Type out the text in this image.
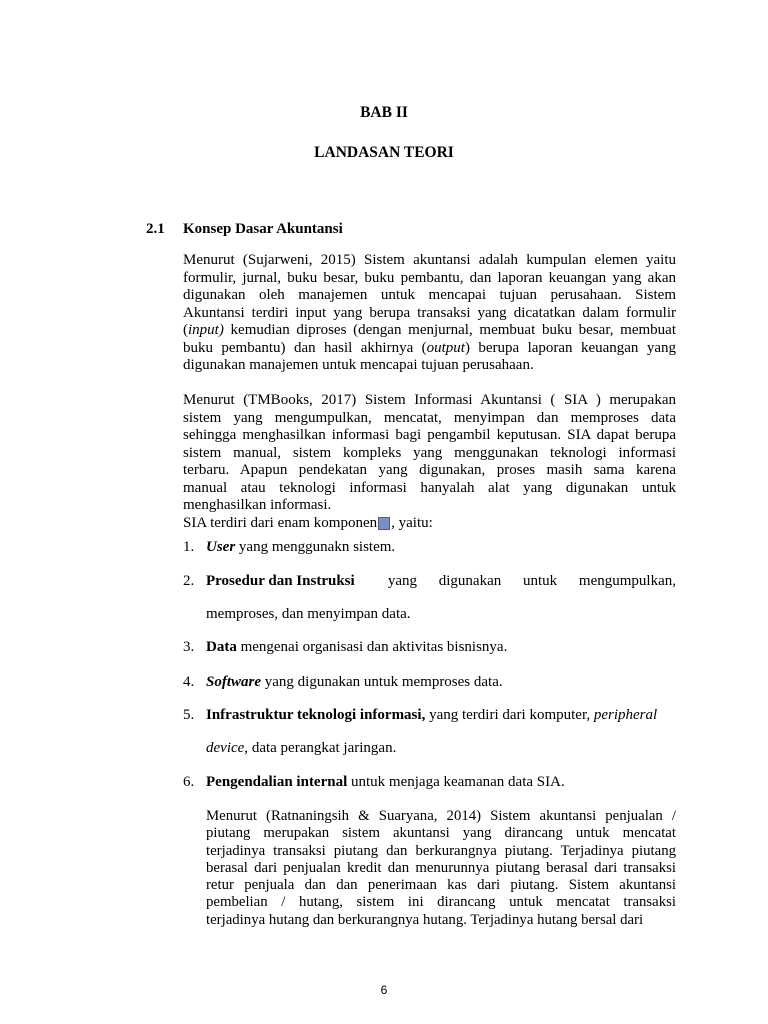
BAB II
LANDASAN TEORI
2.1 Konsep Dasar Akuntansi
Menurut (Sujarweni, 2015) Sistem akuntansi adalah kumpulan elemen yaitu
formulir, jurnal, buku besar, buku pembantu, dan laporan keuangan yang akan
digunakan oleh manajemen untuk mencapai tujuan perusahaan. Sistem
Akuntansi terdiri input yang berupa transaksi yang dicatatkan dalam formulir
(input) kemudian diproses (dengan menjurnal, membuat buku besar, membuat
buku pembantu) dan hasil akhirnya (output) berupa laporan keuangan yang
digunakan manajemen untuk mencapai tujuan perusahaan.
Menurut (TMBooks, 2017) Sistem Informasi Akuntansi ( SIA ) merupakan
sistem yang mengumpulkan, mencatat, menyimpan dan memproses data
sehingga menghasilkan informasi bagi pengambil keputusan. SIA dapat berupa
sistem manual, sistem kompleks yang menggunakan teknologi informasi
terbaru. Apapun pendekatan yang digunakan, proses masih sama karena
manual atau teknologi informasi hanyalah alat yang digunakan untuk
menghasilkan informasi.
SIA terdiri dari enam komponen , yaitu:
1. User yang menggunakn sistem.
2. Prosedur dan Instruksi yang digunakan untuk mengumpulkan,
memproses, dan menyimpan data.
3. Data mengenai organisasi dan aktivitas bisnisnya.
4. Software yang digunakan untuk memproses data.
5. Infrastruktur teknologi informasi, yang terdiri dari komputer, peripheral
device, data perangkat jaringan.
6. Pengendalian internal untuk menjaga keamanan data SIA.
Menurut (Ratnaningsih & Suaryana, 2014) Sistem akuntansi penjualan /
piutang merupakan sistem akuntansi yang dirancang untuk mencatat
terjadinya transaksi piutang dan berkurangnya piutang. Terjadinya piutang
berasal dari penjualan kredit dan menurunnya piutang berasal dari transaksi
retur penjuala dan dan penerimaan kas dari piutang. Sistem akuntansi
pembelian / hutang, sistem ini dirancang untuk mencatat transaksi
terjadinya hutang dan berkurangnya hutang. Terjadinya hutang bersal dari
6
